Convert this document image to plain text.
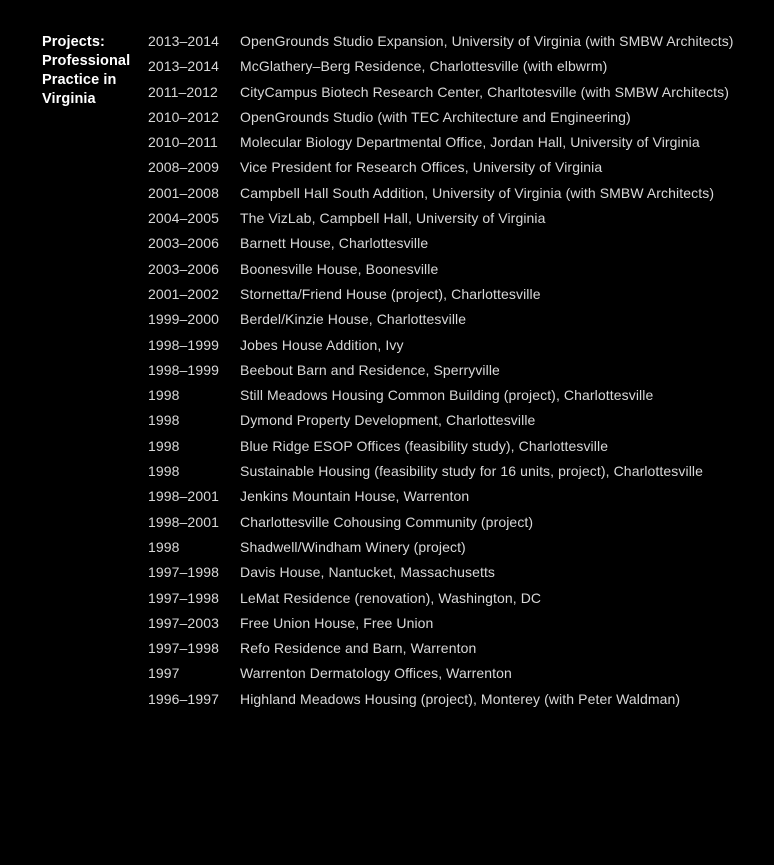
Projects:
Professional
Practice in
Virginia
2013–2014	OpenGrounds Studio Expansion, University of Virginia (with SMBW Architects)
2013–2014	McGlathery–Berg Residence, Charlottesville (with elbwrm)
2011–2012	CityCampus Biotech Research Center, Charltotesville (with SMBW Architects)
2010–2012	OpenGrounds Studio (with TEC Architecture and Engineering)
2010–2011	Molecular Biology Departmental Office, Jordan Hall, University of Virginia
2008–2009	Vice President for Research Offices, University of Virginia
2001–2008	Campbell Hall South Addition, University of Virginia (with SMBW Architects)
2004–2005	The VizLab, Campbell Hall, University of Virginia
2003–2006	Barnett House, Charlottesville
2003–2006	Boonesville House, Boonesville
2001–2002	Stornetta/Friend House (project), Charlottesville
1999–2000	Berdel/Kinzie House, Charlottesville
1998–1999	Jobes House Addition, Ivy
1998–1999	Beebout Barn and Residence, Sperryville
1998	Still Meadows Housing Common Building (project), Charlottesville
1998	Dymond Property Development, Charlottesville
1998	Blue Ridge ESOP Offices (feasibility study), Charlottesville
1998	Sustainable Housing (feasibility study for 16 units, project), Charlottesville
1998–2001	Jenkins Mountain House, Warrenton
1998–2001	Charlottesville Cohousing Community (project)
1998	Shadwell/Windham Winery (project)
1997–1998	Davis House, Nantucket, Massachusetts
1997–1998	LeMat Residence (renovation), Washington, DC
1997–2003	Free Union House, Free Union
1997–1998	Refo Residence and Barn, Warrenton
1997	Warrenton Dermatology Offices, Warrenton
1996–1997	Highland Meadows Housing (project), Monterey (with Peter Waldman)
